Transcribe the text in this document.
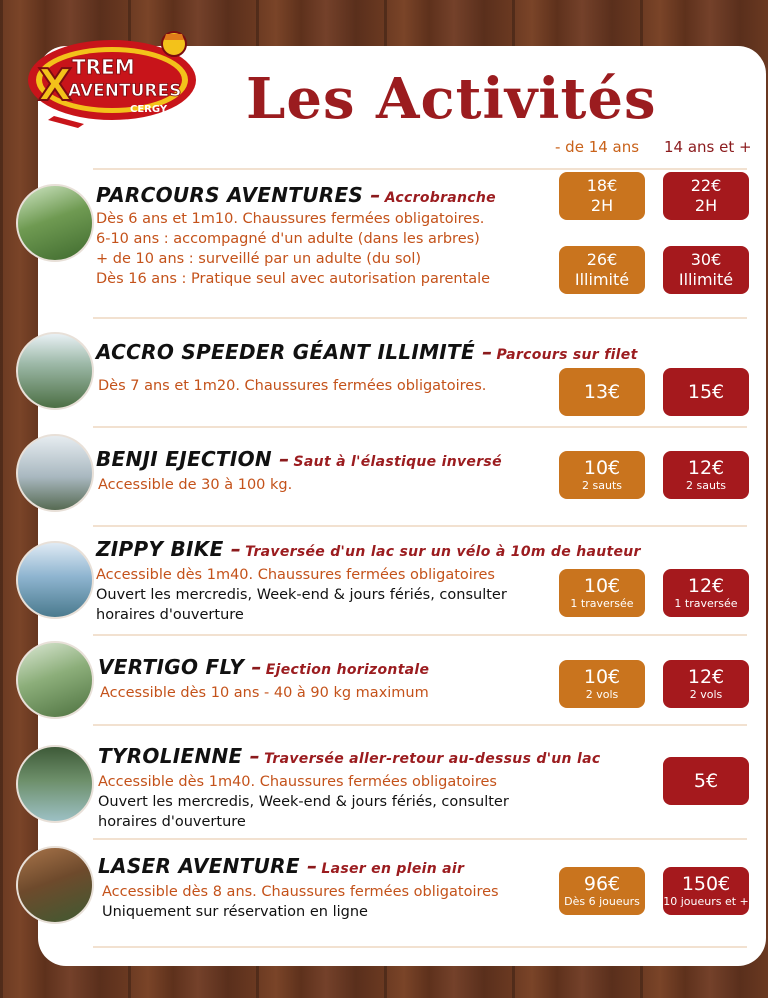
X TREM
AVENTURES
CERGY Les Activités
- de 14 ans 14 ans et +
PARCOURS AVENTURES – Accrobranche
Dès 6 ans et 1m10. Chaussures fermées obligatoires.
6-10 ans : accompagné d'un adulte (dans les arbres)
+ de 10 ans : surveillé par un adulte (du sol)
Dès 16 ans : Pratique seul avec autorisation parentale
18€
2H
22€
2H
26€
Illimité
30€
Illimité
ACCRO SPEEDER GÉANT ILLIMITÉ – Parcours sur filet
Dès 7 ans et 1m20. Chaussures fermées obligatoires.	13€	15€
BENJI EJECTION – Saut à l'élastique inversé
Accessible de 30 à 100 kg.
10€
2 sauts
12€
2 sauts
ZIPPY BIKE – Traversée d'un lac sur un vélo à 10m de hauteur
Accessible dès 1m40. Chaussures fermées obligatoires
Ouvert les mercredis, Week-end & jours fériés, consulter
horaires d'ouverture
10€
1 traversée
12€
1 traversée
VERTIGO FLY – Ejection horizontale
Accessible dès 10 ans - 40 à 90 kg maximum
10€
2 vols
12€
2 vols
TYROLIENNE – Traversée aller-retour au-dessus d'un lac
Accessible dès 1m40. Chaussures fermées obligatoires
Ouvert les mercredis, Week-end & jours fériés, consulter
horaires d'ouverture
5€
LASER AVENTURE – Laser en plein air
Accessible dès 8 ans. Chaussures fermées obligatoires
Uniquement sur réservation en ligne
96€
Dès 6 joueurs
150€
10 joueurs et +
